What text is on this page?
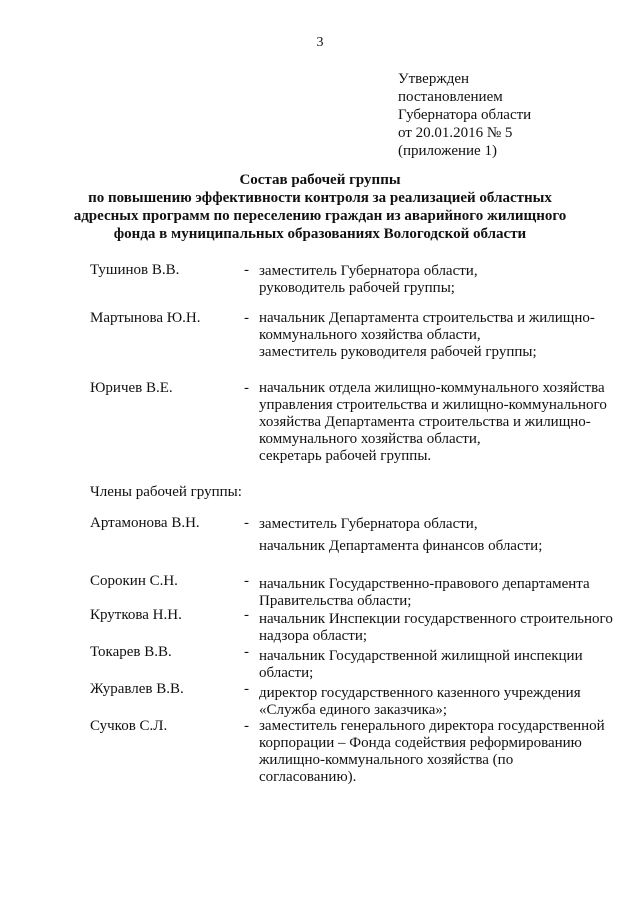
3
Утвержден
постановлением
Губернатора области
от 20.01.2016 № 5
(приложение 1)
Состав рабочей группы
по повышению эффективности контроля за реализацией областных
адресных программ по переселению граждан из аварийного жилищного
фонда в муниципальных образованиях Вологодской области
Тушинов В.В.	- заместитель Губернатора области,
руководитель рабочей группы;
Мартынова Ю.Н.	- начальник Департамента строительства и жилищно-
коммунального хозяйства области,
заместитель руководителя рабочей группы;
Юричев В.Е.	- начальник отдела жилищно-коммунального хозяйства
управления строительства и жилищно-коммунального
хозяйства Департамента строительства и жилищно-
коммунального хозяйства области,
секретарь рабочей группы.
Члены рабочей группы:
Артамонова В.Н.	- заместитель Губернатора области,
начальник Департамента финансов области;
Сорокин С.Н.	- начальник Государственно-правового департамента
Правительства области;
Круткова Н.Н.	- начальник Инспекции государственного строительного
надзора области;
Токарев В.В.	- начальник Государственной жилищной инспекции
области;
Журавлев В.В.	- директор государственного казенного учреждения
«Служба единого заказчика»;
Сучков С.Л.	- заместитель генерального директора государственной
корпорации – Фонда содействия реформированию
жилищно-коммунального хозяйства (по
согласованию).
